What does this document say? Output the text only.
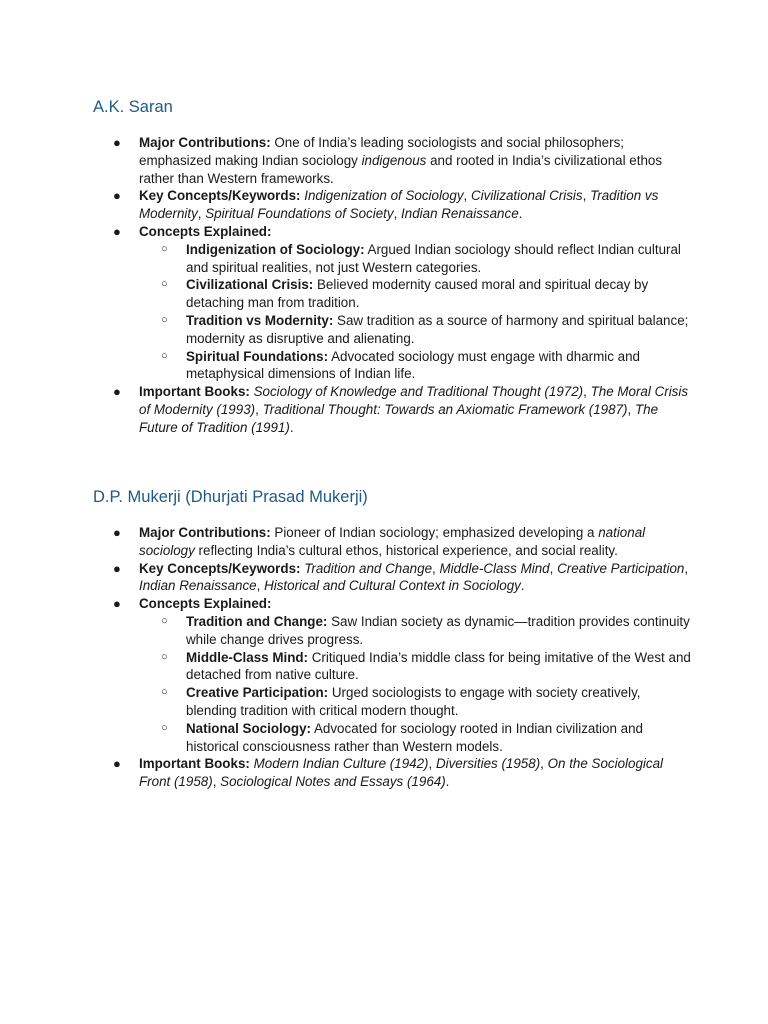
A.K. Saran
● Major Contributions: One of India’s leading sociologists and social philosophers; emphasized making Indian sociology indigenous and rooted in India’s civilizational ethos rather than Western frameworks.
● Key Concepts/Keywords: Indigenization of Sociology, Civilizational Crisis, Tradition vs Modernity, Spiritual Foundations of Society, Indian Renaissance.
● Concepts Explained:
○ Indigenization of Sociology: Argued Indian sociology should reflect Indian cultural and spiritual realities, not just Western categories.
○ Civilizational Crisis: Believed modernity caused moral and spiritual decay by detaching man from tradition.
○ Tradition vs Modernity: Saw tradition as a source of harmony and spiritual balance; modernity as disruptive and alienating.
○ Spiritual Foundations: Advocated sociology must engage with dharmic and metaphysical dimensions of Indian life.
● Important Books: Sociology of Knowledge and Traditional Thought (1972), The Moral Crisis of Modernity (1993), Traditional Thought: Towards an Axiomatic Framework (1987), The Future of Tradition (1991).
D.P. Mukerji (Dhurjati Prasad Mukerji)
● Major Contributions: Pioneer of Indian sociology; emphasized developing a national sociology reflecting India’s cultural ethos, historical experience, and social reality.
● Key Concepts/Keywords: Tradition and Change, Middle-Class Mind, Creative Participation, Indian Renaissance, Historical and Cultural Context in Sociology.
● Concepts Explained:
○ Tradition and Change: Saw Indian society as dynamic—tradition provides continuity while change drives progress.
○ Middle-Class Mind: Critiqued India’s middle class for being imitative of the West and detached from native culture.
○ Creative Participation: Urged sociologists to engage with society creatively, blending tradition with critical modern thought.
○ National Sociology: Advocated for sociology rooted in Indian civilization and historical consciousness rather than Western models.
● Important Books: Modern Indian Culture (1942), Diversities (1958), On the Sociological Front (1958), Sociological Notes and Essays (1964).
